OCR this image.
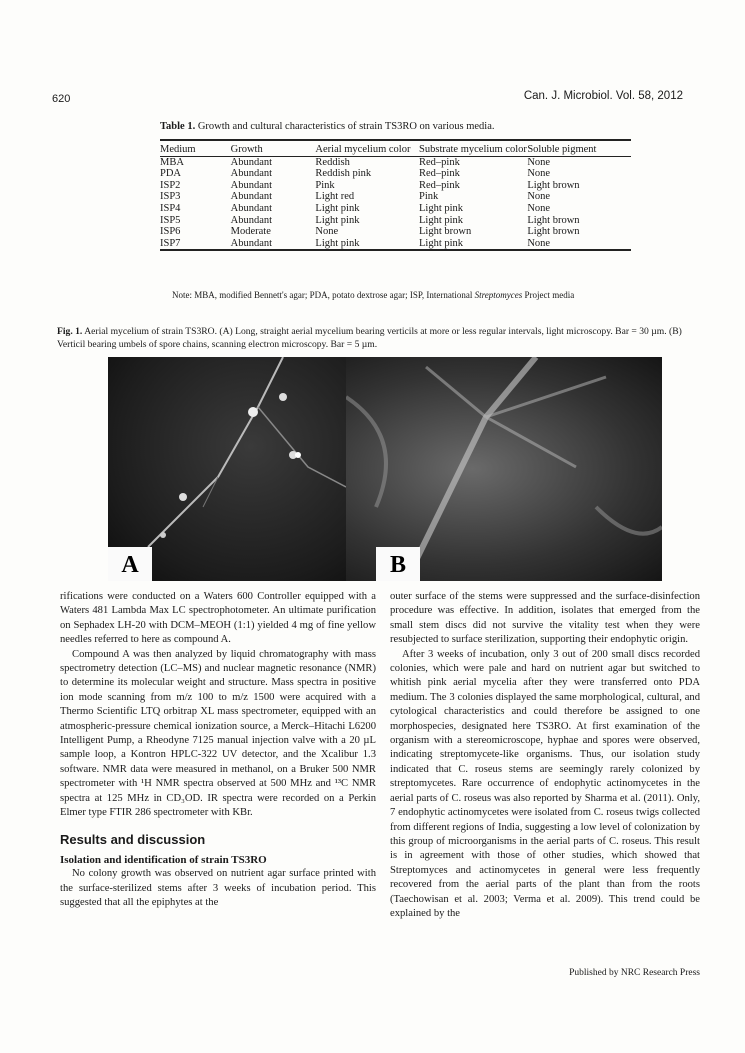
620	Can. J. Microbiol. Vol. 58, 2012
Table 1. Growth and cultural characteristics of strain TS3RO on various media.
Medium	Growth	Aerial mycelium color	Substrate mycelium color	Soluble pigment
MBA	Abundant	Reddish	Red–pink	None
PDA	Abundant	Reddish pink	Red–pink	None
ISP2	Abundant	Pink	Red–pink	Light brown
ISP3	Abundant	Light red	Pink	None
ISP4	Abundant	Light pink	Light pink	None
ISP5	Abundant	Light pink	Light pink	Light brown
ISP6	Moderate	None	Light brown	Light brown
ISP7	Abundant	Light pink	Light pink	None
Note: MBA, modified Bennett's agar; PDA, potato dextrose agar; ISP, International Streptomyces Project media
Fig. 1. Aerial mycelium of strain TS3RO. (A) Long, straight aerial mycelium bearing verticils at more or less regular intervals, light microscopy. Bar = 30 µm. (B) Verticil bearing umbels of spore chains, scanning electron microscopy. Bar = 5 µm.
A	B

rifications were conducted on a Waters 600 Controller equipped with a Waters 481 Lambda Max LC spectrophotometer. An ultimate purification on Sephadex LH-20 with DCM–MEOH (1:1) yielded 4 mg of fine yellow needles referred to here as compound A.

Compound A was then analyzed by liquid chromatography with mass spectrometry detection (LC–MS) and nuclear magnetic resonance (NMR) to determine its molecular weight and structure. Mass spectra in positive ion mode scanning from m/z 100 to m/z 1500 were acquired with a Thermo Scientific LTQ orbitrap XL mass spectrometer, equipped with an atmospheric-pressure chemical ionization source, a Merck–Hitachi L6200 Intelligent Pump, a Rheodyne 7125 manual injection valve with a 20 µL sample loop, a Kontron HPLC-322 UV detector, and the Xcalibur 1.3 software. NMR data were measured in methanol, on a Bruker 500 NMR spectrometer with ¹H NMR spectra observed at 500 MHz and ¹³C NMR spectra at 125 MHz in CD₃OD. IR spectra were recorded on a Perkin Elmer type FTIR 286 spectrometer with KBr.

Results and discussion

Isolation and identification of strain TS3RO

No colony growth was observed on nutrient agar surface printed with the surface-sterilized stems after 3 weeks of incubation period. This suggested that all the epiphytes at the

outer surface of the stems were suppressed and the surface-disinfection procedure was effective. In addition, isolates that emerged from the small stem discs did not survive the vitality test when they were resubjected to surface sterilization, supporting their endophytic origin.

After 3 weeks of incubation, only 3 out of 200 small discs recorded colonies, which were pale and hard on nutrient agar but switched to whitish pink aerial mycelia after they were transferred onto PDA medium. The 3 colonies displayed the same morphological, cultural, and cytological characteristics and could therefore be assigned to one morphospecies, designated here TS3RO. At first examination of the organism with a stereomicroscope, hyphae and spores were observed, indicating streptomycete-like organisms. Thus, our isolation study indicated that C. roseus stems are seemingly rarely colonized by streptomycetes. Rare occurrence of endophytic actinomycetes in the aerial parts of C. roseus was also reported by Sharma et al. (2011). Only, 7 endophytic actinomycetes were isolated from C. roseus twigs collected from different regions of India, suggesting a low level of colonization by this group of microorganisms in the aerial parts of C. roseus. This result is in agreement with those of other studies, which showed that Streptomyces and actinomycetes in general were less frequently recovered from the aerial parts of the plant than from the roots (Taechowisan et al. 2003; Verma et al. 2009). This trend could be explained by the

Published by NRC Research Press
